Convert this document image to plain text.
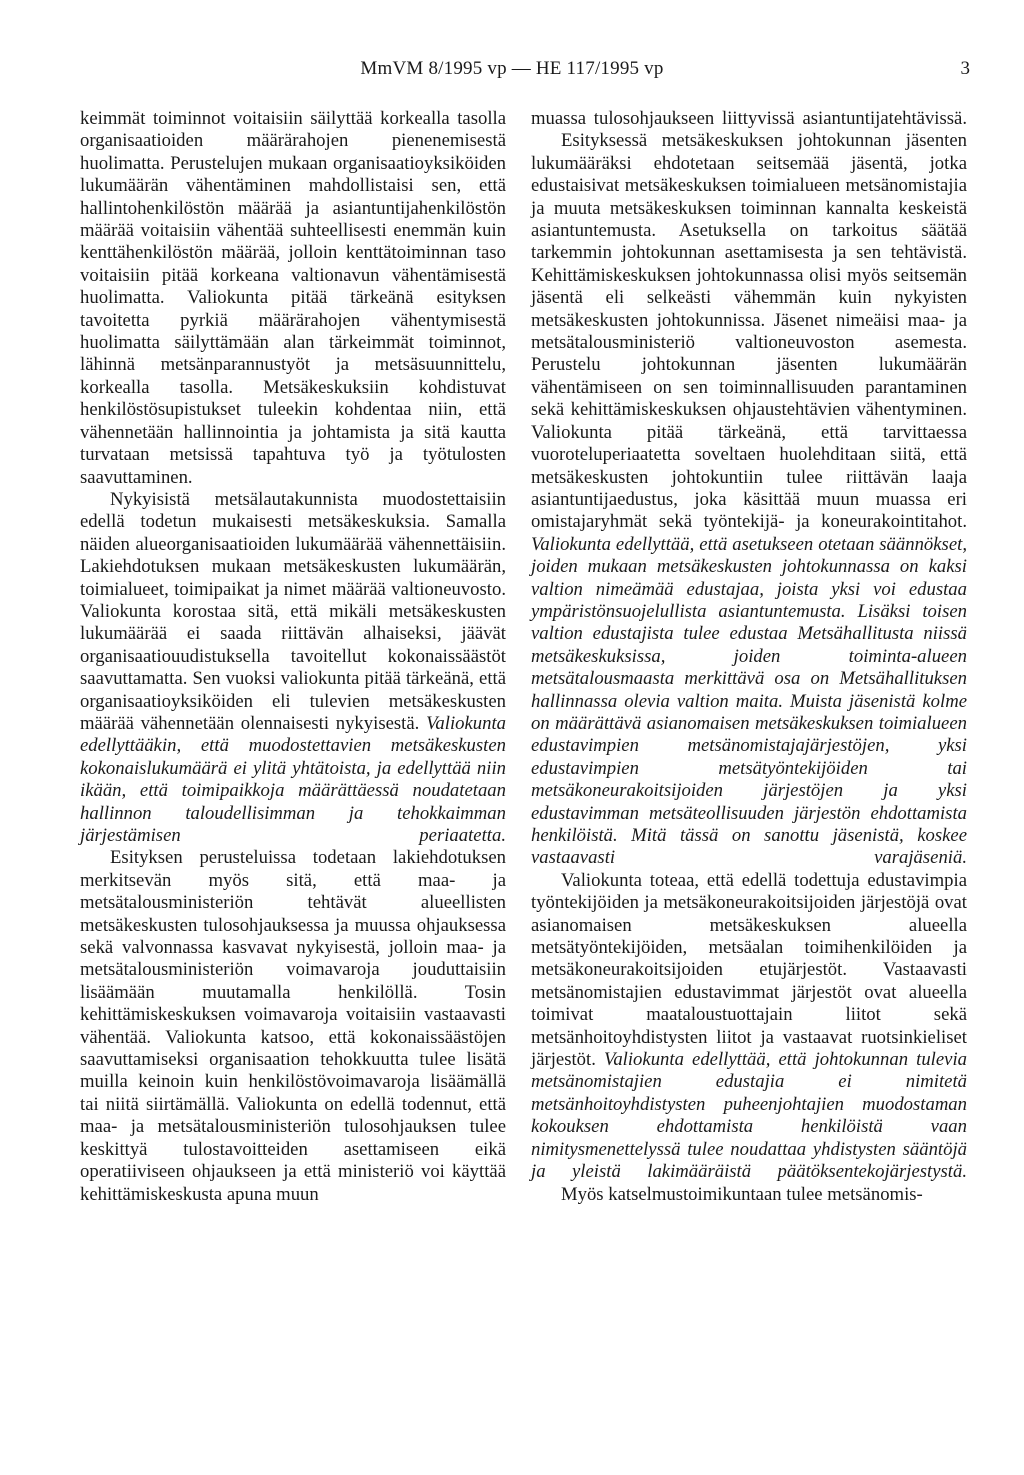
MmVM 8/1995 vp — HE 117/1995 vp	3

keimmät toiminnot voitaisiin säilyttää korkealla tasolla organisaatioiden määrärahojen pienenemisestä huolimatta. Perustelujen mukaan organisaatioyksiköiden lukumäärän vähentäminen mahdollistaisi sen, että hallintohenkilöstön määrää ja asiantuntijahenkilöstön määrää voitaisiin vähentää suhteellisesti enemmän kuin kenttähenkilöstön määrää, jolloin kenttätoiminnan taso voitaisiin pitää korkeana valtionavun vähentämisestä huolimatta. Valiokunta pitää tärkeänä esityksen tavoitetta pyrkiä määrärahojen vähentymisestä huolimatta säilyttämään alan tärkeimmät toiminnot, lähinnä metsänparannustyöt ja metsäsuunnittelu, korkealla tasolla. Metsäkeskuksiin kohdistuvat henkilöstösupistukset tuleekin kohdentaa niin, että vähennetään hallinnointia ja johtamista ja sitä kautta turvataan metsissä tapahtuva työ ja työtulosten saavuttaminen.

Nykyisistä metsälautakunnista muodostettaisiin edellä todetun mukaisesti metsäkeskuksia. Samalla näiden alueorganisaatioiden lukumäärää vähennettäisiin. Lakiehdotuksen mukaan metsäkeskusten lukumäärän, toimialueet, toimipaikat ja nimet määrää valtioneuvosto. Valiokunta korostaa sitä, että mikäli metsäkeskusten lukumäärää ei saada riittävän alhaiseksi, jäävät organisaatiouudistuksella tavoitellut kokonaissäästöt saavuttamatta. Sen vuoksi valiokunta pitää tärkeänä, että organisaatioyksiköiden eli tulevien metsäkeskusten määrää vähennetään olennaisesti nykyisestä. Valiokunta edellyttääkin, että muodostettavien metsäkeskusten kokonaislukumäärä ei ylitä yhtätoista, ja edellyttää niin ikään, että toimipaikkoja määrättäessä noudatetaan hallinnon taloudellisimman ja tehokkaimman järjestämisen periaatetta.

Esityksen perusteluissa todetaan lakiehdotuksen merkitsevän myös sitä, että maa- ja metsätalousministeriön tehtävät alueellisten metsäkeskusten tulosohjauksessa ja muussa ohjauksessa sekä valvonnassa kasvavat nykyisestä, jolloin maa- ja metsätalousministeriön voimavaroja jouduttaisiin lisäämään muutamalla henkilöllä. Tosin kehittämiskeskuksen voimavaroja voitaisiin vastaavasti vähentää. Valiokunta katsoo, että kokonaissäästöjen saavuttamiseksi organisaation tehokkuutta tulee lisätä muilla keinoin kuin henkilöstövoimavaroja lisäämällä tai niitä siirtämällä. Valiokunta on edellä todennut, että maa- ja metsätalousministeriön tulosohjauksen tulee keskittyä tulostavoitteiden asettamiseen eikä operatiiviseen ohjaukseen ja että ministeriö voi käyttää kehittämiskeskusta apuna muun

muassa tulosohjaukseen liittyvissä asiantuntijatehtävissä.

Esityksessä metsäkeskuksen johtokunnan jäsenten lukumääräksi ehdotetaan seitsemää jäsentä, jotka edustaisivat metsäkeskuksen toimialueen metsänomistajia ja muuta metsäkeskuksen toiminnan kannalta keskeistä asiantuntemusta. Asetuksella on tarkoitus säätää tarkemmin johtokunnan asettamisesta ja sen tehtävistä. Kehittämiskeskuksen johtokunnassa olisi myös seitsemän jäsentä eli selkeästi vähemmän kuin nykyisten metsäkeskusten johtokunnissa. Jäsenet nimeäisi maa- ja metsätalousministeriö valtioneuvoston asemesta. Perustelu johtokunnan jäsenten lukumäärän vähentämiseen on sen toiminnallisuuden parantaminen sekä kehittämiskeskuksen ohjaustehtävien vähentyminen. Valiokunta pitää tärkeänä, että tarvittaessa vuoroteluperiaatetta soveltaen huolehditaan siitä, että metsäkeskusten johtokuntiin tulee riittävän laaja asiantuntijaedustus, joka käsittää muun muassa eri omistajaryhmät sekä työntekijä- ja koneurakointitahot. Valiokunta edellyttää, että asetukseen otetaan säännökset, joiden mukaan metsäkeskusten johtokunnassa on kaksi valtion nimeämää edustajaa, joista yksi voi edustaa ympäristönsuojelullista asiantuntemusta. Lisäksi toisen valtion edustajista tulee edustaa Metsähallitusta niissä metsäkeskuksissa, joiden toiminta-alueen metsätalousmaasta merkittävä osa on Metsähallituksen hallinnassa olevia valtion maita. Muista jäsenistä kolme on määrättävä asianomaisen metsäkeskuksen toimialueen edustavimpien metsänomistajajärjestöjen, yksi edustavimpien metsätyöntekijöiden tai metsäkoneurakoitsijoiden järjestöjen ja yksi edustavimman metsäteollisuuden järjestön ehdottamista henkilöistä. Mitä tässä on sanottu jäsenistä, koskee vastaavasti varajäseniä.

Valiokunta toteaa, että edellä todettuja edustavimpia työntekijöiden ja metsäkoneurakoitsijoiden järjestöjä ovat asianomaisen metsäkeskuksen alueella metsätyöntekijöiden, metsäalan toimihenkilöiden ja metsäkoneurakoitsijoiden etujärjestöt. Vastaavasti metsänomistajien edustavimmat järjestöt ovat alueella toimivat maataloustuottajain liitot sekä metsänhoitoyhdistysten liitot ja vastaavat ruotsinkieliset järjestöt. Valiokunta edellyttää, että johtokunnan tulevia metsänomistajien edustajia ei nimitetä metsänhoitoyhdistysten puheenjohtajien muodostaman kokouksen ehdottamista henkilöistä vaan nimitysmenettelyssä tulee noudattaa yhdistysten sääntöjä ja yleistä lakimääräistä päätöksentekojärjestystä.

Myös katselmustoimikuntaan tulee metsänomis-
